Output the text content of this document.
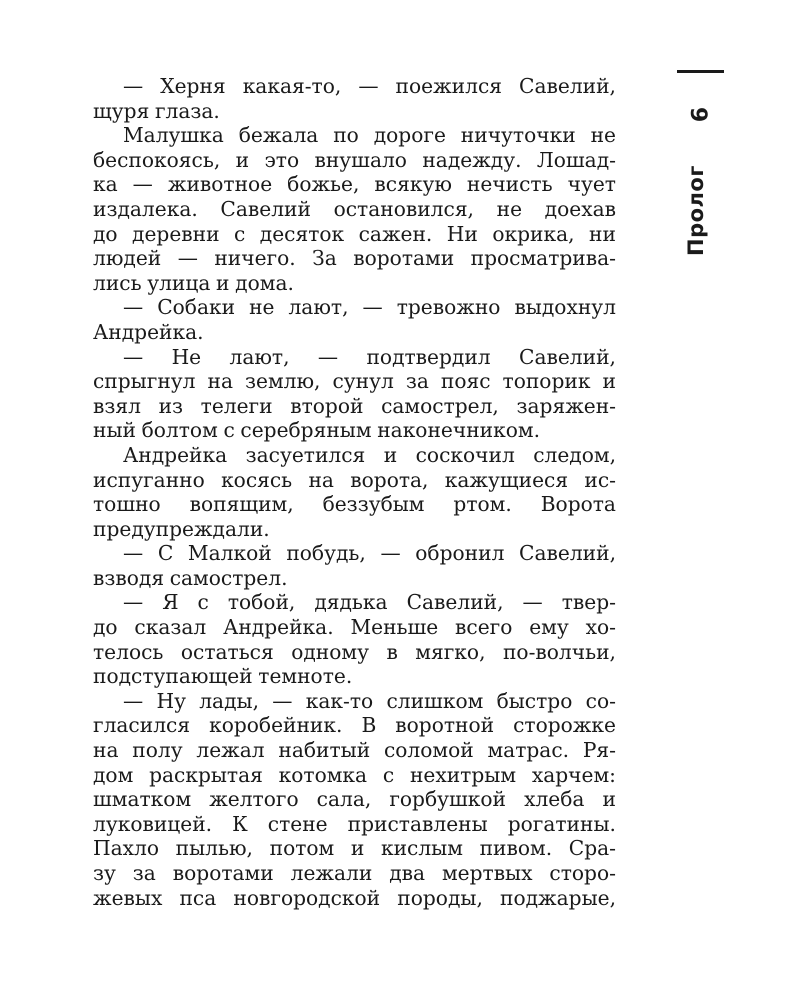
9
Пролог
— Херня какая-то, — поежился Савелий,
щуря глаза.
Малушка бежала по дороге ничуточки не
беспокоясь, и это внушало надежду. Лошад-
ка — животное божье, всякую нечисть чует
издалека. Савелий остановился, не доехав
до деревни с десяток сажен. Ни окрика, ни
людей — ничего. За воротами просматрива-
лись улица и дома.
— Собаки не лают, — тревожно выдохнул
Андрейка.
— Не лают, — подтвердил Савелий,
спрыгнул на землю, сунул за пояс топорик и
взял из телеги второй самострел, заряжен-
ный болтом с серебряным наконечником.
Андрейка засуетился и соскочил следом,
испуганно косясь на ворота, кажущиеся ис-
тошно вопящим, беззубым ртом. Ворота
предупреждали.
— С Малкой побудь, — обронил Савелий,
взводя самострел.
— Я с тобой, дядька Савелий, — твер-
до сказал Андрейка. Меньше всего ему хо-
телось остаться одному в мягко, по-волчьи,
подступающей темноте.
— Ну лады, — как-то слишком быстро со-
гласился коробейник. В воротной сторожке
на полу лежал набитый соломой матрас. Ря-
дом раскрытая котомка с нехитрым харчем:
шматком желтого сала, горбушкой хлеба и
луковицей. К стене приставлены рогатины.
Пахло пылью, потом и кислым пивом. Сра-
зу за воротами лежали два мертвых сторо-
жевых пса новгородской породы, поджарые,
